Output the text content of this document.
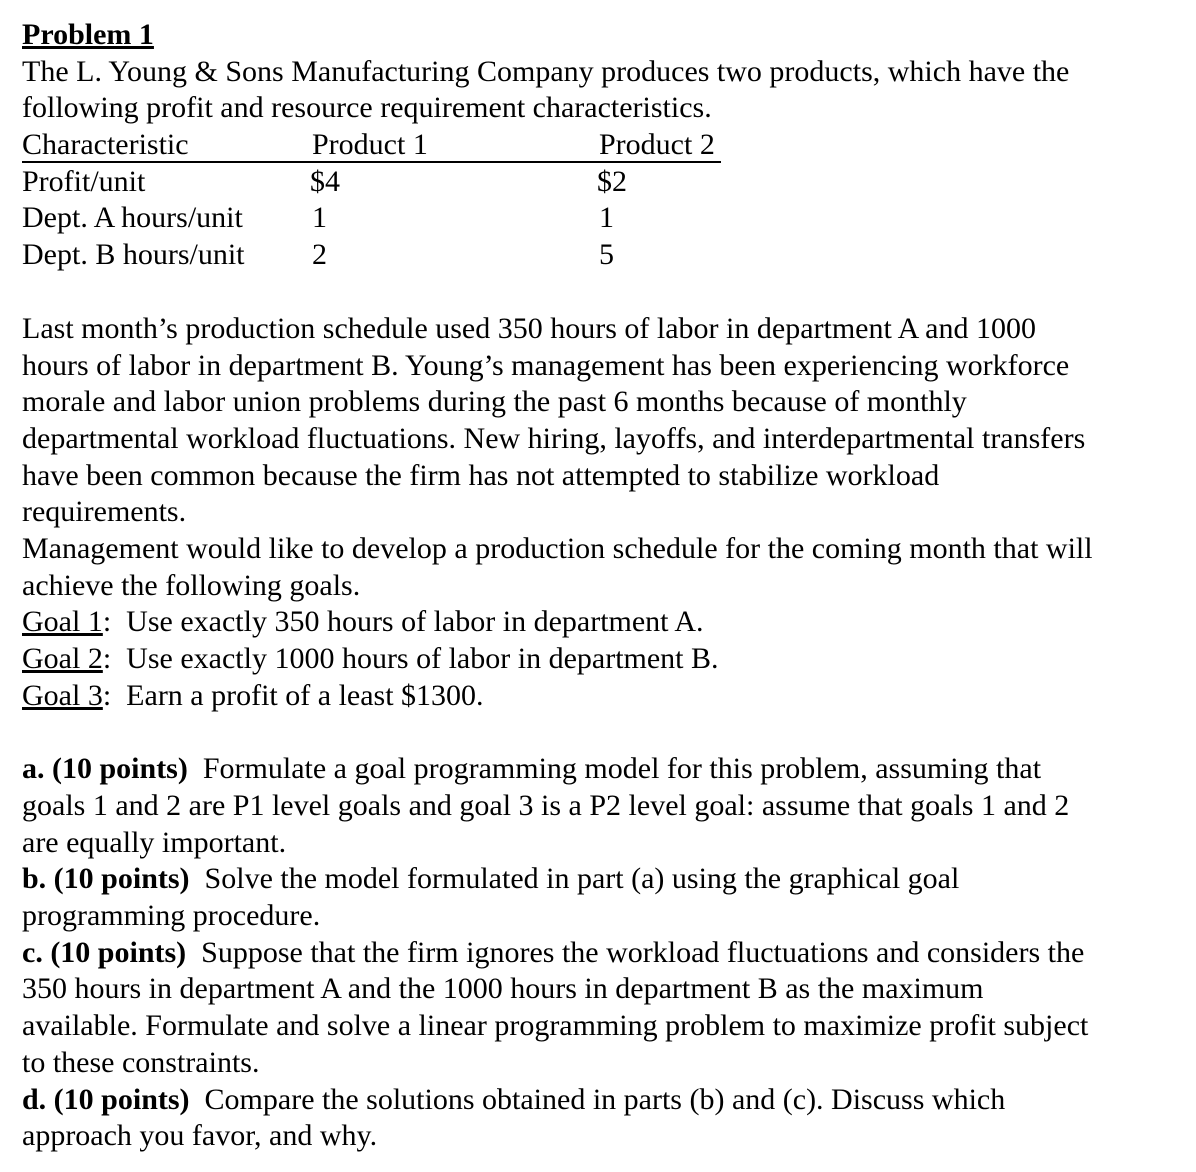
Problem 1
The L. Young & Sons Manufacturing Company produces two products, which have the
following profit and resource requirement characteristics.
Characteristic	Product 1	Product 2
Profit/unit	$4	$2
Dept. A hours/unit 1	1
Dept. B hours/unit 2	5
Last month’s production schedule used 350 hours of labor in department A and 1000
hours of labor in department B. Young’s management has been experiencing workforce
morale and labor union problems during the past 6 months because of monthly
departmental workload fluctuations. New hiring, layoffs, and interdepartmental transfers
have been common because the firm has not attempted to stabilize workload
requirements.
Management would like to develop a production schedule for the coming month that will
achieve the following goals.
Goal 1:  Use exactly 350 hours of labor in department A.
Goal 2:  Use exactly 1000 hours of labor in department B.
Goal 3:  Earn a profit of a least $1300.
a. (10 points) Formulate a goal programming model for this problem, assuming that
goals 1 and 2 are P1 level goals and goal 3 is a P2 level goal: assume that goals 1 and 2
are equally important.
b. (10 points) Solve the model formulated in part (a) using the graphical goal
programming procedure.
c. (10 points) Suppose that the firm ignores the workload fluctuations and considers the
350 hours in department A and the 1000 hours in department B as the maximum
available. Formulate and solve a linear programming problem to maximize profit subject
to these constraints.
d. (10 points) Compare the solutions obtained in parts (b) and (c). Discuss which
approach you favor, and why.
